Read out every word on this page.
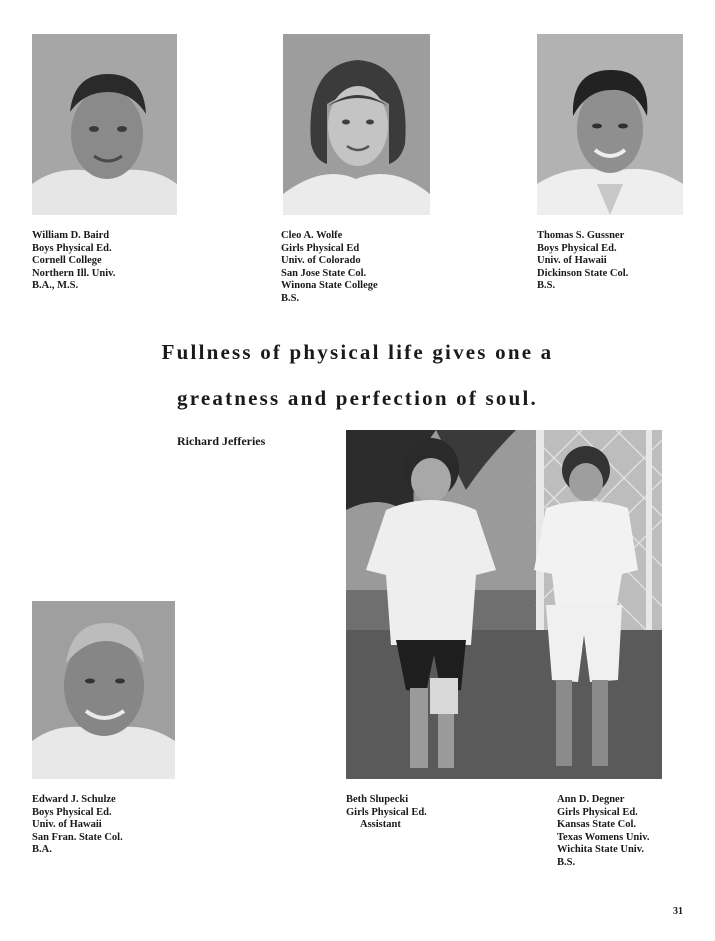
William D. Baird
Boys Physical Ed.
Cornell College
Northern Ill. Univ.
B.A., M.S.
Cleo A. Wolfe
Girls Physical Ed
Univ. of Colorado
San Jose State Col.
Winona State College
B.S.
Thomas S. Gussner
Boys Physical Ed.
Univ. of Hawaii
Dickinson State Col.
B.S.
Fullness of physical life gives one a
greatness and perfection of soul.
Richard Jefferies
Edward J. Schulze
Boys Physical Ed.
Univ. of Hawaii
San Fran. State Col.
B.A.
Beth Slupecki
Girls Physical Ed.
Assistant
Ann D. Degner
Girls Physical Ed.
Kansas State Col.
Texas Womens Univ.
Wichita State Univ.
B.S.
31
